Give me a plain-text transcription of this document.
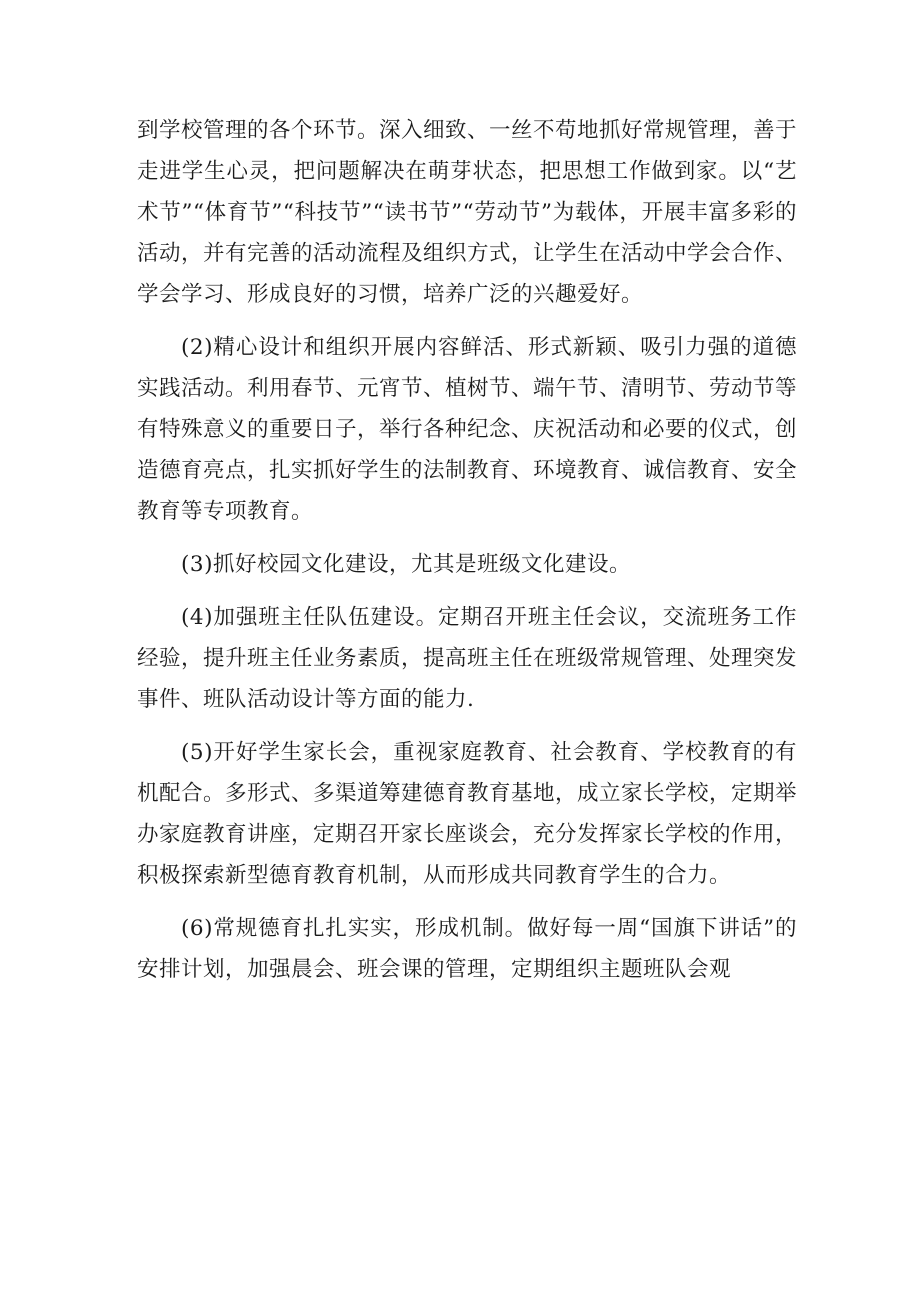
到学校管理的各个环节。深入细致、一丝不苟地抓好常规管理，善于走进学生心灵，把问题解决在萌芽状态，把思想工作做到家。以“艺术节”“体育节”“科技节”“读书节”“劳动节”为载体，开展丰富多彩的活动，并有完善的活动流程及组织方式，让学生在活动中学会合作、学会学习、形成良好的习惯，培养广泛的兴趣爱好。

(2)精心设计和组织开展内容鲜活、形式新颖、吸引力强的道德实践活动。利用春节、元宵节、植树节、端午节、清明节、劳动节等有特殊意义的重要日子，举行各种纪念、庆祝活动和必要的仪式，创造德育亮点，扎实抓好学生的法制教育、环境教育、诚信教育、安全教育等专项教育。

(3)抓好校园文化建设，尤其是班级文化建设。

(4)加强班主任队伍建设。定期召开班主任会议，交流班务工作经验，提升班主任业务素质，提高班主任在班级常规管理、处理突发事件、班队活动设计等方面的能力.

(5)开好学生家长会，重视家庭教育、社会教育、学校教育的有机配合。多形式、多渠道筹建德育教育基地，成立家长学校，定期举办家庭教育讲座，定期召开家长座谈会，充分发挥家长学校的作用，积极探索新型德育教育机制，从而形成共同教育学生的合力。

(6)常规德育扎扎实实，形成机制。做好每一周“国旗下讲话”的安排计划，加强晨会、班会课的管理，定期组织主题班队会观
